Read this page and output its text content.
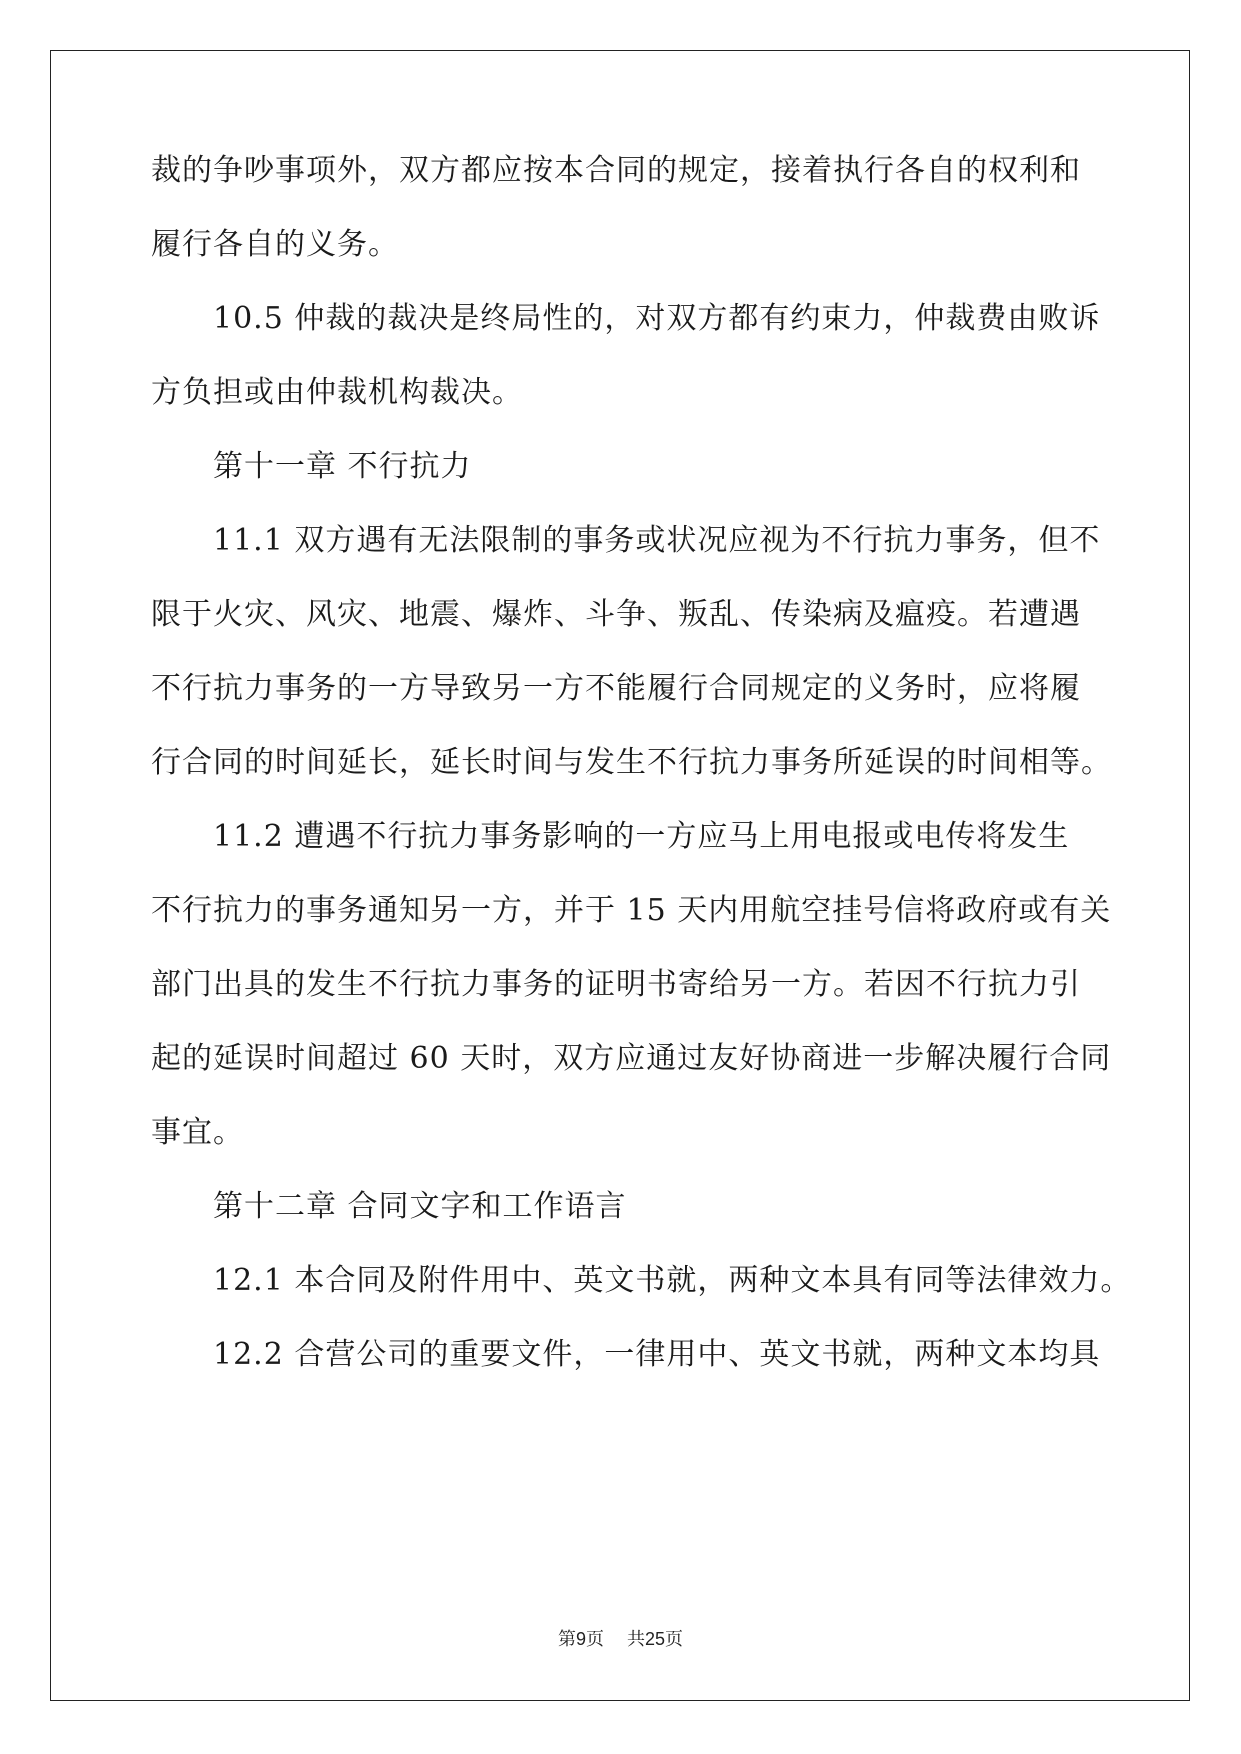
裁的争吵事项外，双方都应按本合同的规定，接着执行各自的权利和
履行各自的义务。
10.5 仲裁的裁决是终局性的，对双方都有约束力，仲裁费由败诉
方负担或由仲裁机构裁决。
第十一章 不行抗力
11.1 双方遇有无法限制的事务或状况应视为不行抗力事务，但不
限于火灾、风灾、地震、爆炸、斗争、叛乱、传染病及瘟疫。若遭遇
不行抗力事务的一方导致另一方不能履行合同规定的义务时，应将履
行合同的时间延长，延长时间与发生不行抗力事务所延误的时间相等。
11.2 遭遇不行抗力事务影响的一方应马上用电报或电传将发生
不行抗力的事务通知另一方，并于 15 天内用航空挂号信将政府或有关
部门出具的发生不行抗力事务的证明书寄给另一方。若因不行抗力引
起的延误时间超过 60 天时，双方应通过友好协商进一步解决履行合同
事宜。
第十二章 合同文字和工作语言
12.1 本合同及附件用中、英文书就，两种文本具有同等法律效力。
12.2 合营公司的重要文件，一律用中、英文书就，两种文本均具
第9页 共25页
